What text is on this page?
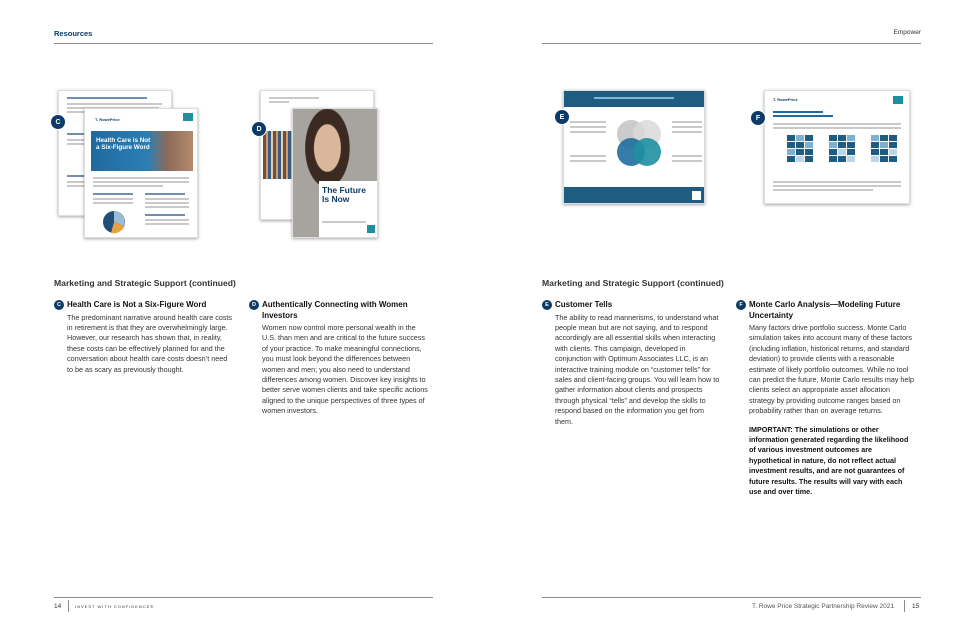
Resources
T. RowePrice
Health Care is Not a Six-Figure Word
C
The Future Is Now
D
Marketing and Strategic Support (continued)
C Health Care is Not a Six-Figure Word
The predominant narrative around health care costs in retirement is that they are overwhelmingly large. However, our research has shown that, in reality, these costs can be effectively planned for and the conversation about health care costs doesn’t need to be as scary as previously thought.
D Authentically Connecting with Women Investors
Women now control more personal wealth in the U.S. than men and are critical to the future success of your practice. To make meaningful connections, you must look beyond the differences between women and men; you also need to understand differences among women. Discover key insights to better serve women clients and take specific actions aligned to the unique perspectives of three types of women investors.
14	INVEST WITH CONFIDENCE®
Empower
E
T. RowePrice
F
Marketing and Strategic Support (continued)
E Customer Tells
The ability to read mannerisms, to understand what people mean but are not saying, and to respond accordingly are all essential skills when interacting with clients. This campaign, developed in conjunction with Optimum Associates LLC, is an interactive training module on “customer tells” for sales and client-facing groups. You will learn how to gather information about clients and prospects through physical “tells” and develop the skills to respond based on the information you get from them.
F Monte Carlo Analysis—Modeling Future Uncertainty
Many factors drive portfolio success. Monte Carlo simulation takes into account many of these factors (including inflation, historical returns, and standard deviation) to provide clients with a reasonable estimate of likely portfolio outcomes. While no tool can predict the future, Monte Carlo results may help clients select an appropriate asset allocation strategy by providing outcome ranges based on probability rather than on average returns.
IMPORTANT: The simulations or other information generated regarding the likelihood of various investment outcomes are hypothetical in nature, do not reflect actual investment results, and are not guarantees of future results. The results will vary with each use and over time.
T. Rowe Price Strategic Partnership Review 2021	15
